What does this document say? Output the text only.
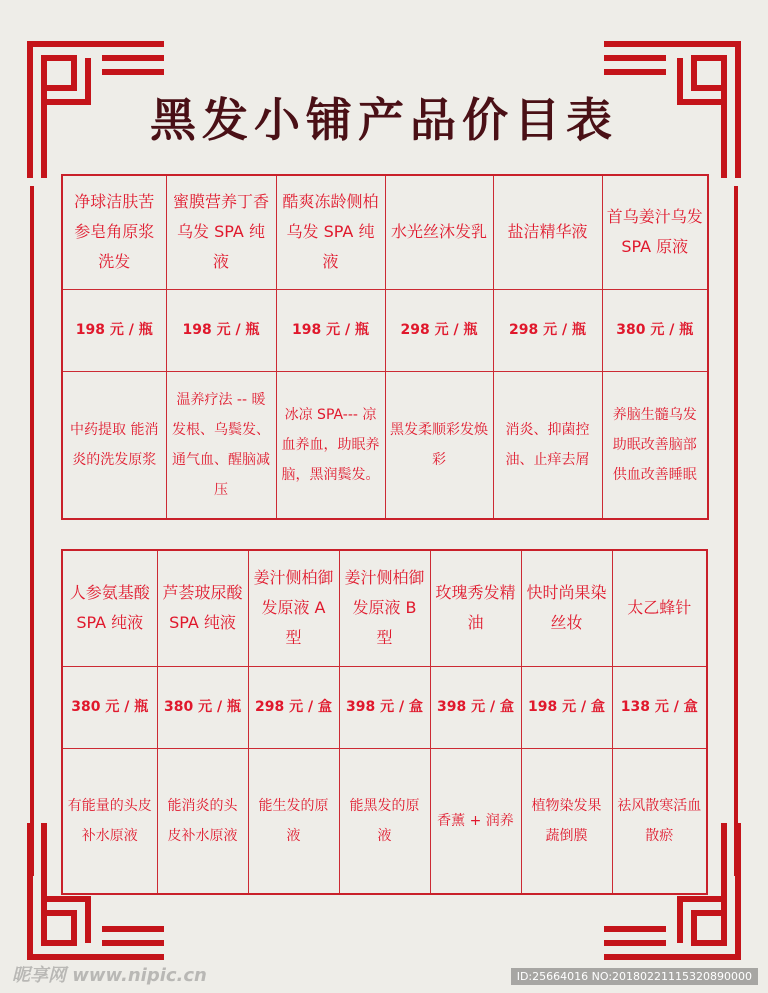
黑发小铺产品价目表
净球洁肤苦参皂角原浆洗发	蜜膜营养丁香乌发 SPA 纯液	酷爽冻龄侧柏乌发 SPA 纯液	水光丝沐发乳	盐洁精华液	首乌姜汁乌发 SPA 原液
198 元 / 瓶	198 元 / 瓶	198 元 / 瓶	298 元 / 瓶	298 元 / 瓶	380 元 / 瓶
中药提取 能消炎的洗发原浆	温养疗法 -- 暖发根、乌鬓发、通气血、醒脑减压	冰凉 SPA--- 凉血养血，助眠养脑，黑润鬓发。	黑发柔顺彩发焕彩	消炎、抑菌控油、止痒去屑	养脑生髓乌发助眠改善脑部供血改善睡眠
人参氨基酸 SPA 纯液	芦荟玻尿酸 SPA 纯液	姜汁侧柏御发原液 A 型	姜汁侧柏御发原液 B 型	玫瑰秀发精油	快时尚果染丝妆	太乙蜂针
380 元 / 瓶	380 元 / 瓶	298 元 / 盒	398 元 / 盒	398 元 / 盒	198 元 / 盒	138 元 / 盒
有能量的头皮补水原液	能消炎的头皮补水原液	能生发的原液	能黑发的原液	香薰 + 润养	植物染发果蔬倒膜	祛风散寒活血散瘀
昵享网 www.nipic.cn	ID:25664016 NO:20180221115320890000
